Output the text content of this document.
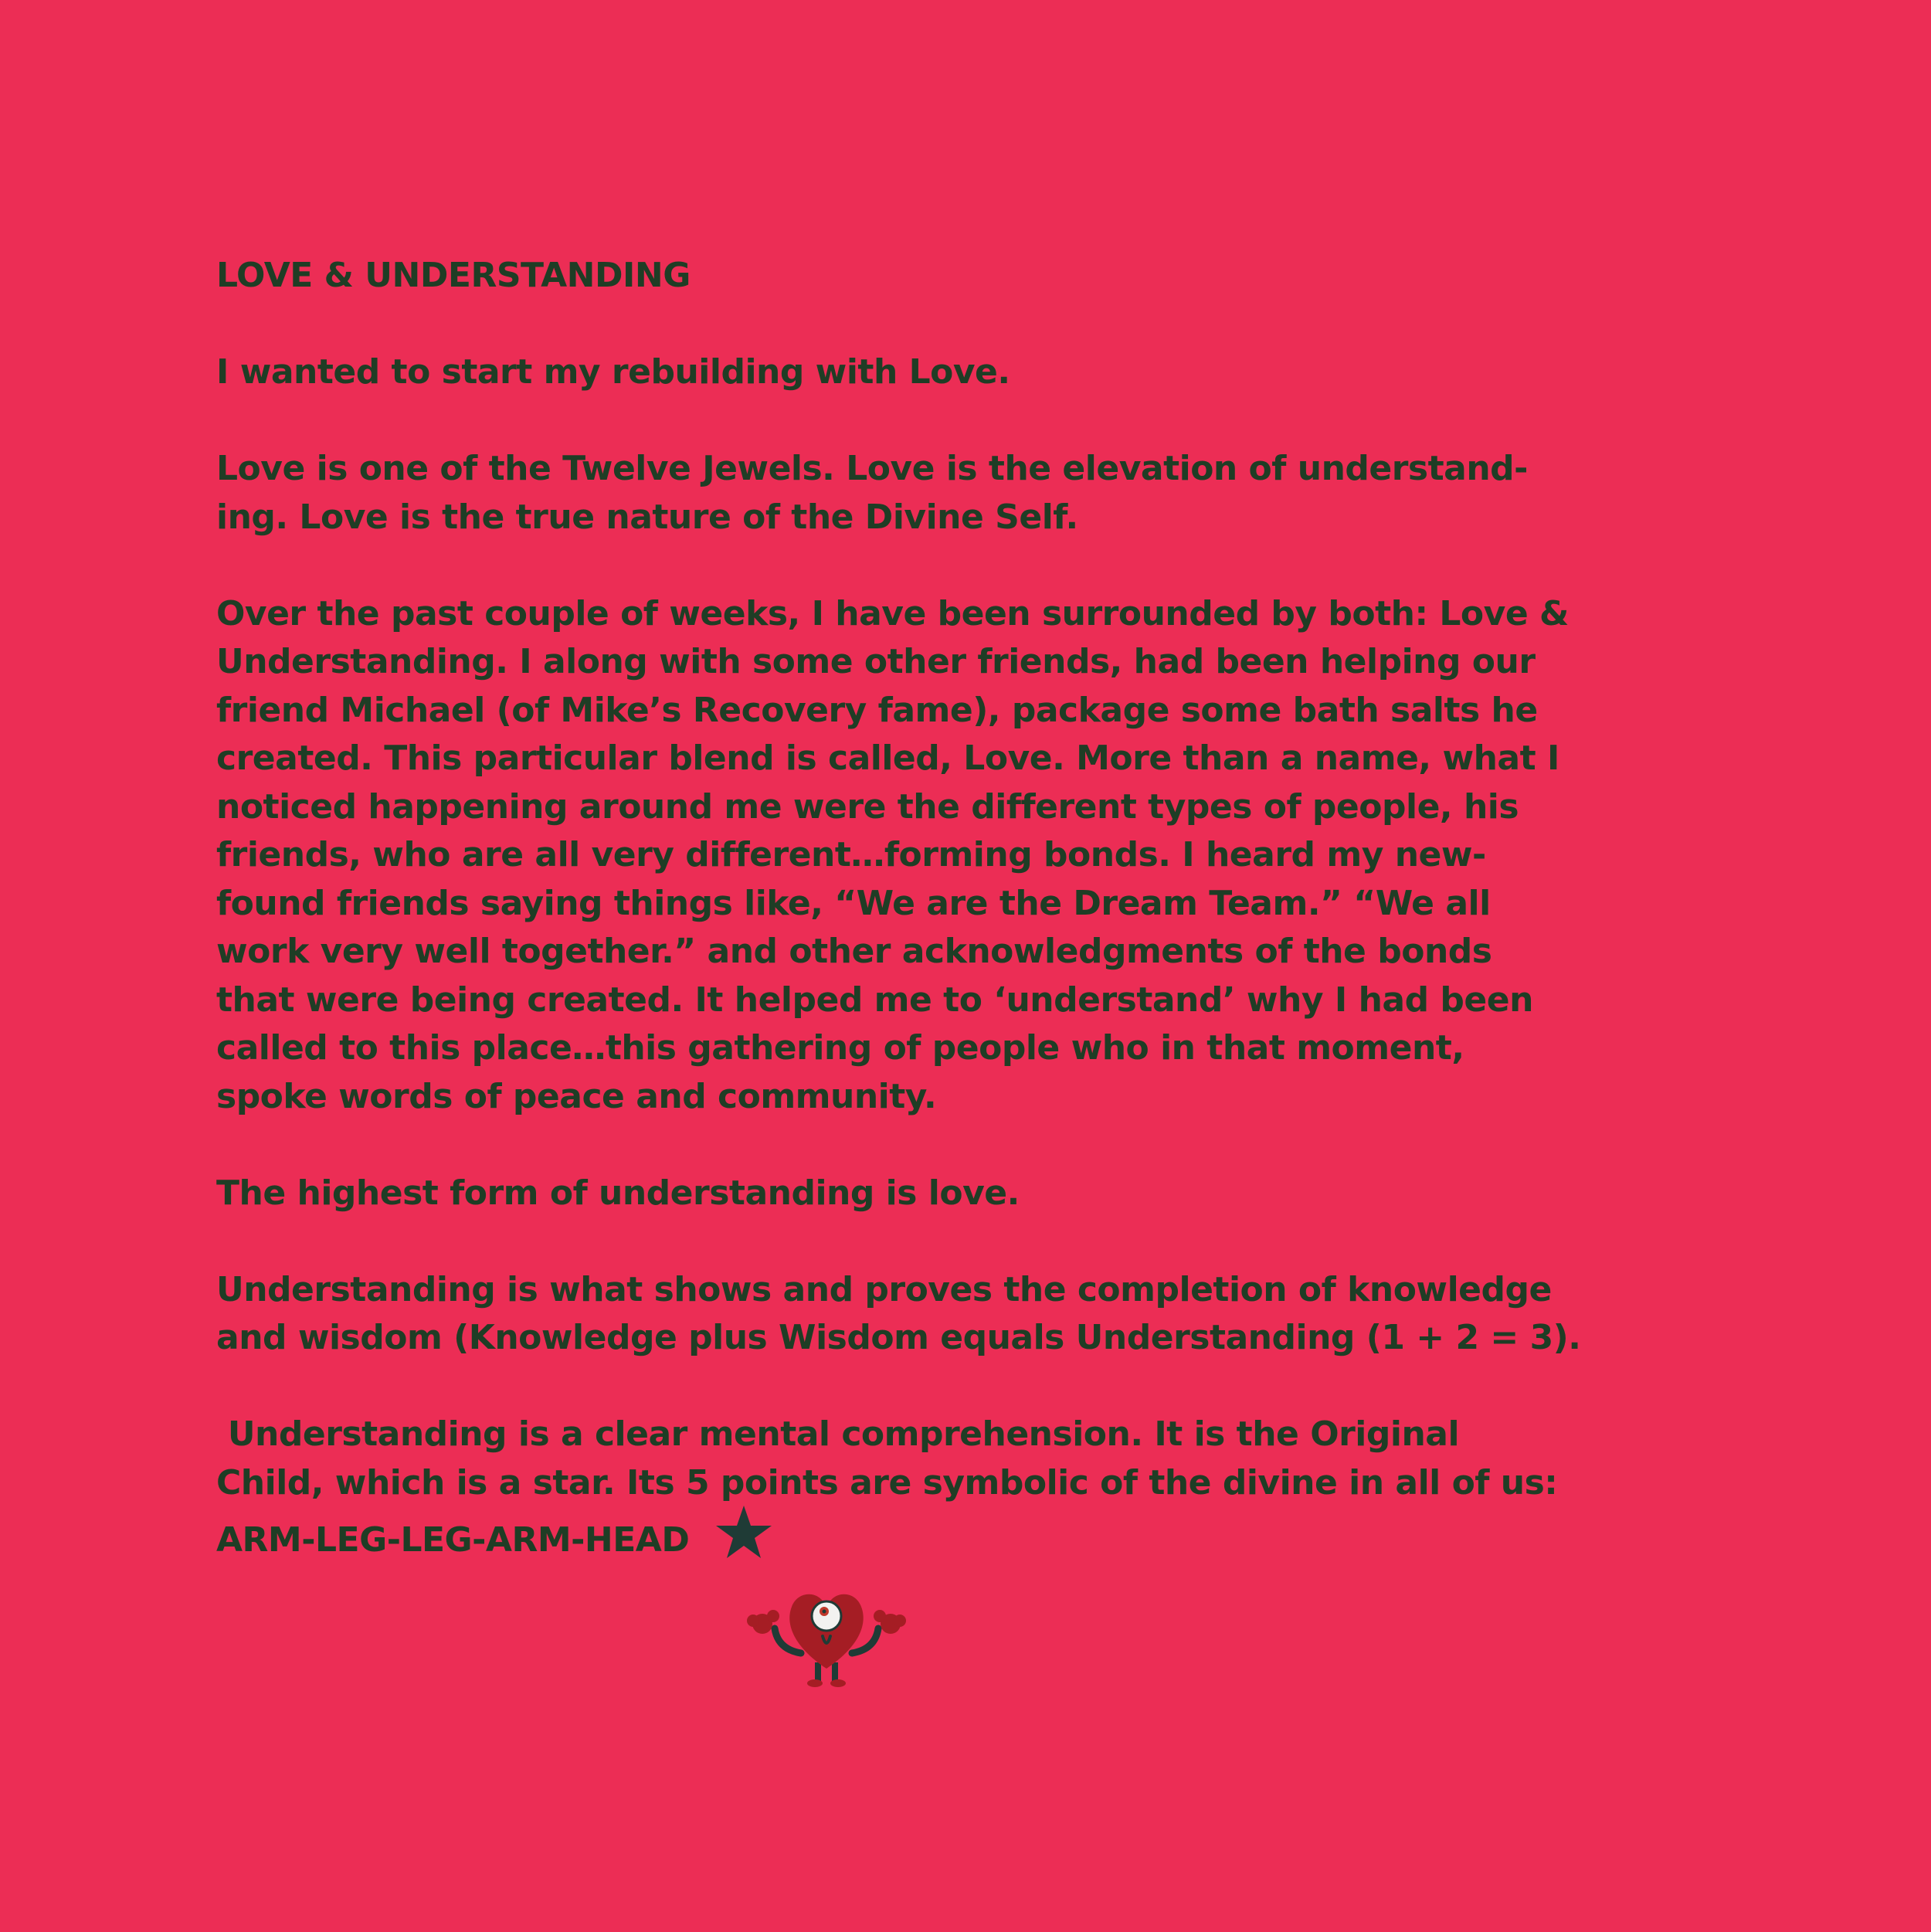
LOVE & UNDERSTANDING
I wanted to start my rebuilding with Love.
Love is one of the Twelve Jewels. Love is the elevation of understand-
ing. Love is the true nature of the Divine Self.
Over the past couple of weeks, I have been surrounded by both: Love &
Understanding. I along with some other friends, had been helping our
friend Michael (of Mike’s Recovery fame), package some bath salts he
created. This particular blend is called, Love. More than a name, what I
noticed happening around me were the different types of people, his
friends, who are all very different…forming bonds. I heard my new-
found friends saying things like, “We are the Dream Team.” “We all
work very well together.” and other acknowledgments of the bonds
that were being created. It helped me to ‘understand’ why I had been
called to this place…this gathering of people who in that moment,
spoke words of peace and community.
The highest form of understanding is love.
Understanding is what shows and proves the completion of knowledge
and wisdom (Knowledge plus Wisdom equals Understanding (1 + 2 = 3).
Understanding is a clear mental comprehension. It is the Original
Child, which is a star. Its 5 points are symbolic of the divine in all of us:
ARM-LEG-LEG-ARM-HEAD
